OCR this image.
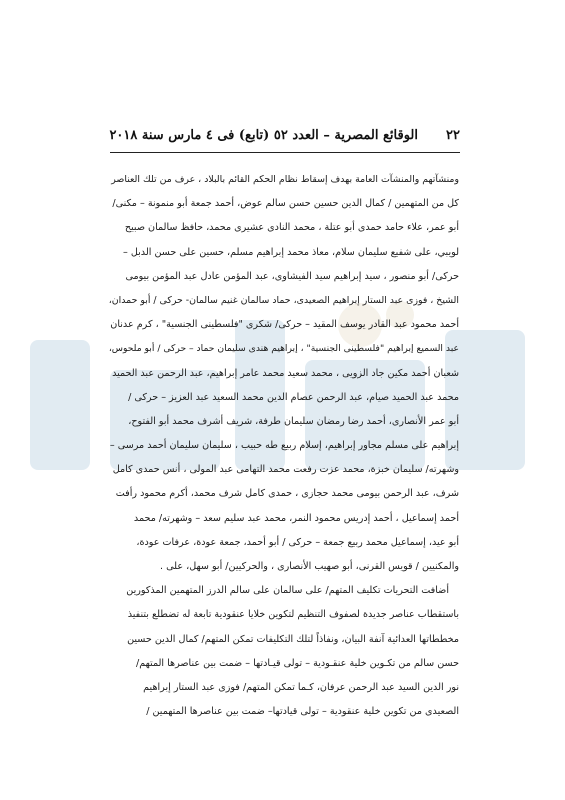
٢٢
الوقائع المصرية – العدد ٥٢ (تابع) فى ٤ مارس سنة ٢٠١٨
ومنشآتهم والمنشآت العامة بهدف إسقاط نظام الحكم القائم بالبلاد ، عرف من تلك العناصر
كل من المتهمين / كمال الدين حسين حسن سالم عوض، أحمد جمعة أبو منمونة – مكنى/
أبو عمر، علاء حامد حمدى أبو عتلة ، محمد النادى عشيرى محمد، حافظ سالمان صبيح
لويبي، على شفيع سليمان سلام، معاذ محمد إبراهيم مسلم، حسين على حسن الدبل –
حركى/ أبو منصور ، سيد إبراهيم سيد الفيشاوى، عبد المؤمن عادل عبد المؤمن بيومى
الشيخ ، فوزى عبد الستار إبراهيم الصعيدى، حماد سالمان غنيم سالمان- حركى / أبو حمدان،
أحمد محمود عبد القادر يوسف المقيد – حركى/ شكرى "فلسطينى الجنسية" ، كرم عدنان
عبد السميع إبراهيم "فلسطينى الجنسية" ، إبراهيم هندى سليمان حماد – حركى / أبو ملحوس،
شعبان أحمد مكين جاد الزويى ، محمد سعيد محمد عامر إبراهيم، عبد الرحمن عبد الحميد
محمد عبد الحميد صيام، عبد الرحمن عصام الدين محمد السعيد عبد العزيز – حركى /
أبو عمر الأنصارى، أحمد رضا رمضان سليمان طرفة، شريف أشرف محمد أبو الفتوح،
إبراهيم على مسلم مجاور إبراهيم، إسلام ربيع طه حبيب ، سليمان سليمان أحمد مرسى –
وشهرته/ سليمان خبزة، محمد عزت رفعت محمد التهامى عبد المولى ، أنس حمدى كامل
شرف، عبد الرحمن بيومى محمد حجازى ، حمدى كامل شرف محمد، أكرم محمود رأفت
أحمد إسماعيل ، أحمد إدريس محمود النمر، محمد عبد سليم سعد – وشهرته/ محمد
أبو عيد، إسماعيل محمد ربيع جمعة – حركى / أبو أحمد، جمعة عودة، عرفات عودة،
والمكنيين / قويس القرنى، أبو صهيب الأنصارى ، والحركيين/ أبو سهل، على .
أضافت التحريات تكليف المتهم/ على سالمان على سالم الدرز المتهمين المذكورين
باستقطاب عناصر جديدة لصفوف التنظيم لتكوين خلايا عنقودية تابعة له تضطلع بتنفيذ
مخططاتها العدائية آنفة البيان، ونفاذاً لتلك التكليفات تمكن المتهم/ كمال الدين حسين
حسن سالم من تكـوين خلية عنقـودية – تولى قيـادتها – ضمت بين عناصرها المتهم/
نور الدين السيد عبد الرحمن عرفان، كـما تمكن المتهم/ فوزى عبد الستار إبراهيم
الصعيدى من تكوين خلية عنقودية – تولى قيادتها– ضمت بين عناصرها المتهمين /
